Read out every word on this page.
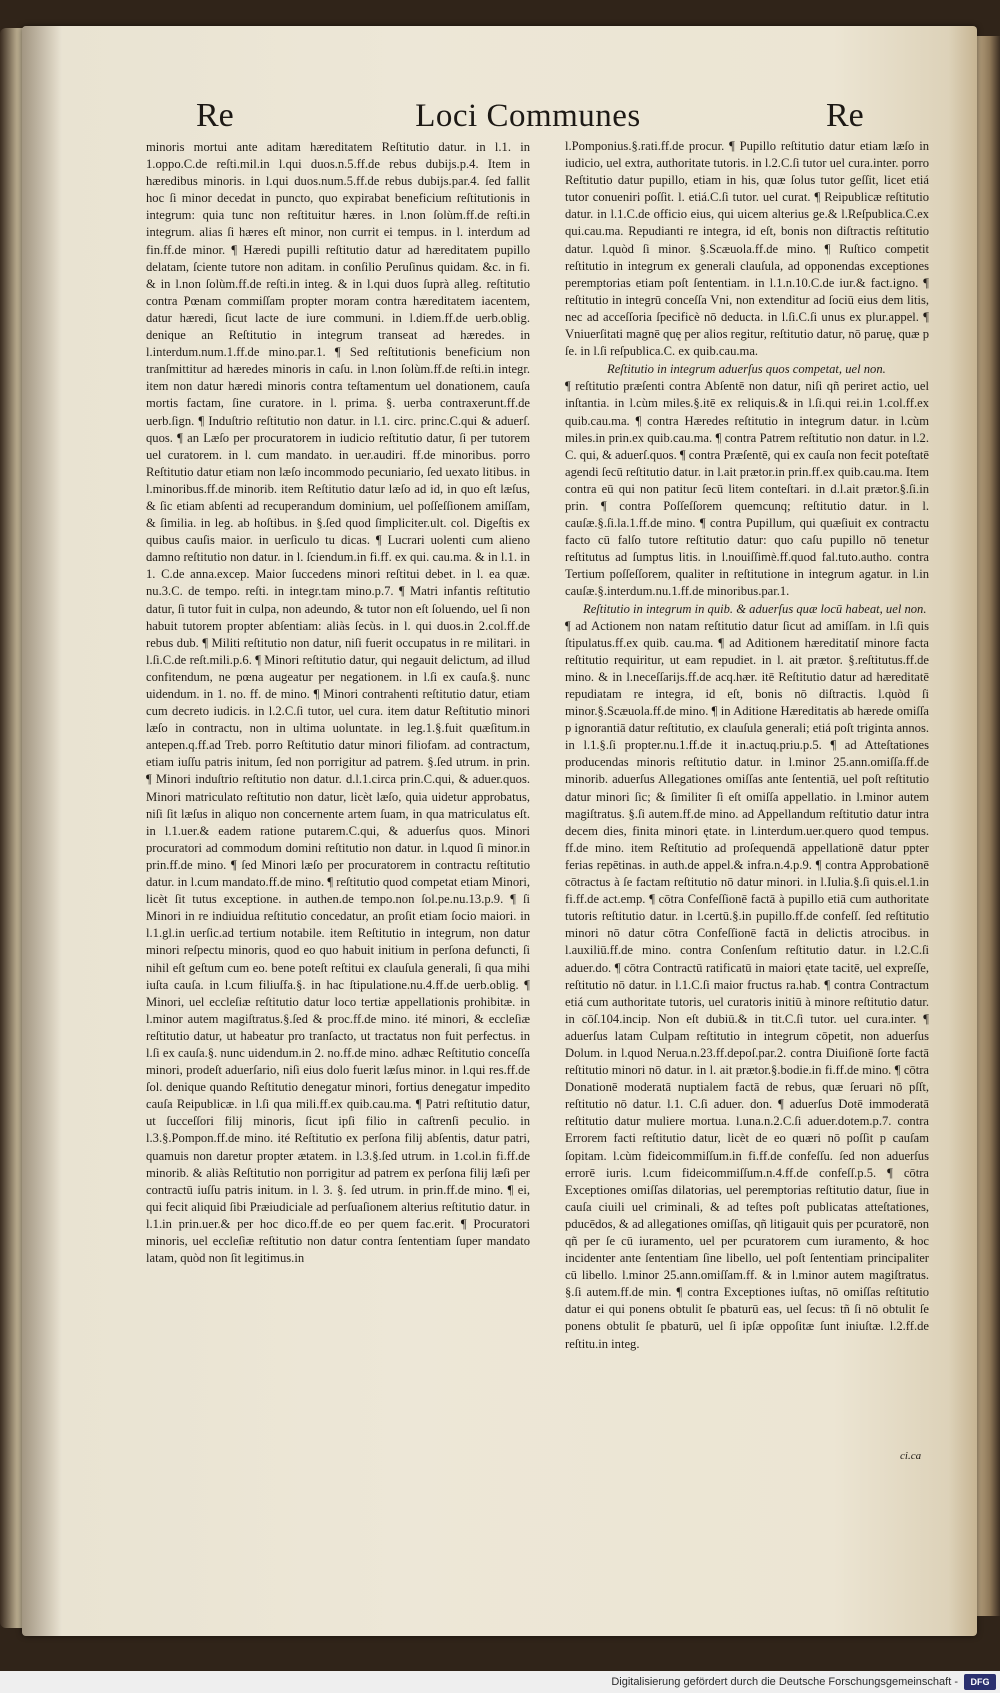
Re	Loci Communes	Re

minoris mortui ante aditam hæreditatem Reſtitutio datur. in l.1. in 1.oppo.C.de reſti.mil.in l.qui duos.n.5.ff.de rebus dubijs.p.4. Item in hæredibus minoris. in l.qui duos.num.5.ff.de rebus dubijs.par.4. ſed fallit hoc ſi minor decedat in puncto, quo expirabat beneficium reſtitutionis in integrum: quia tunc non reſtituitur hæres. in l.non ſolùm.ff.de reſti.in integrum. alias ſi hæres eſt minor, non currit ei tempus. in l. interdum ad fin.ff.de minor. ¶ Hæredi pupilli reſtitutio datur ad hæreditatem pupillo delatam, ſciente tutore non aditam. in conſilio Peruſinus quidam. &c. in fi. & in l.non ſolùm.ff.de reſti.in integ. & in l.qui duos ſuprà alleg. reſtitutio contra Pœnam commiſſam propter moram contra hæreditatem iacentem, datur hæredi, ſicut lacte de iure communi. in l.diem.ff.de uerb.oblig. denique an Reſtitutio in integrum transeat ad hæredes. in l.interdum.num.1.ff.de mino.par.1. ¶ Sed reſtitutionis beneficium non tranſmittitur ad hæredes minoris in caſu. in l.non ſolùm.ff.de reſti.in integr. item non datur hæredi minoris contra teſtamentum uel donationem, cauſa mortis factam, ſine curatore. in l. prima. §. uerba contraxerunt.ff.de uerb.ſign. ¶ Induſtrio reſtitutio non datur. in l.1. circ. princ.C.qui & aduerſ. quos. ¶ an Læſo per procuratorem in iudicio reſtitutio datur, ſi per tutorem uel curatorem. in l. cum mandato. in uer.audiri. ff.de minoribus. porro Reſtitutio datur etiam non læſo incommodo pecuniario, ſed uexato litibus. in l.minoribus.ff.de minorib. item Reſtitutio datur læſo ad id, in quo eſt læſus, & ſic etiam abſenti ad recuperandum dominium, uel poſſeſſionem amiſſam, & ſimilia. in leg. ab hoſtibus. in §.ſed quod ſimpliciter.ult. col. Digeſtis ex quibus cauſis maior. in uerſiculo tu dicas. ¶ Lucrari uolenti cum alieno damno reſtitutio non datur. in l. ſciendum.in fi.ff. ex qui. cau.ma. & in l.1. in 1. C.de anna.excep. Maior ſuccedens minori reſtitui debet. in l. ea quæ. nu.3.C. de tempo. reſti. in integr.tam mino.p.7. ¶ Matri infantis reſtitutio datur, ſi tutor fuit in culpa, non adeundo, & tutor non eſt ſoluendo, uel ſi non habuit tutorem propter abſentiam: aliàs ſecùs. in l. qui duos.in 2.col.ff.de rebus dub. ¶ Militi reſtitutio non datur, niſi fuerit occupatus in re militari. in l.ſi.C.de reſt.mili.p.6. ¶ Minori reſtitutio datur, qui negauit delictum, ad illud confitendum, ne pœna augeatur per negationem. in l.ſi ex cauſa.§. nunc uidendum. in 1. no. ff. de mino. ¶ Minori contrahenti reſtitutio datur, etiam cum decreto iudicis. in l.2.C.ſi tutor, uel cura. item datur Reſtitutio minori læſo in contractu, non in ultima uoluntate. in leg.1.§.fuit quæſitum.in antepen.q.ff.ad Treb. porro Reſtitutio datur minori filiofam. ad contractum, etiam iuſſu patris initum, ſed non porrigitur ad patrem. §.ſed utrum. in prin. ¶ Minori induſtrio reſtitutio non datur. d.l.1.circa prin.C.qui, & aduer.quos. Minori matriculato reſtitutio non datur, licèt læſo, quia uidetur approbatus, niſi ſit læſus in aliquo non concernente artem ſuam, in qua matriculatus eſt. in l.1.uer.& eadem ratione putarem.C.qui, & aduerſus quos. Minori procuratori ad commodum domini reſtitutio non datur. in l.quod ſi minor.in prin.ff.de mino. ¶ ſed Minori læſo per procuratorem in contractu reſtitutio datur. in l.cum mandato.ff.de mino. ¶ reſtitutio quod competat etiam Minori, licèt ſit tutus exceptione. in authen.de tempo.non ſol.pe.nu.13.p.9. ¶ ſi Minori in re indiuidua reſtitutio concedatur, an proſit etiam ſocio maiori. in l.1.gl.in uerſic.ad tertium notabile. item Reſtitutio in integrum, non datur minori reſpectu minoris, quod eo quo habuit initium in perſona defuncti, ſi nihil eſt geſtum cum eo. bene poteſt reſtitui ex clauſula generali, ſi qua mihi iuſta cauſa. in l.cum filiuſfa.§. in hac ſtipulatione.nu.4.ff.de uerb.oblig. ¶ Minori, uel eccleſiæ reſtitutio datur loco tertiæ appellationis prohibitæ. in l.minor autem magiſtratus.§.ſed & proc.ff.de mino. ité minori, & eccleſiæ reſtitutio datur, ut habeatur pro tranſacto, ut tractatus non fuit perfectus. in l.ſi ex cauſa.§. nunc uidendum.in 2. no.ff.de mino. adhæc Reſtitutio conceſſa minori, prodeſt aduerſario, niſi eius dolo fuerit læſus minor. in l.qui res.ff.de ſol. denique quando Reſtitutio denegatur minori, fortius denegatur impedito cauſa Reipublicæ. in l.ſi qua mili.ff.ex quib.cau.ma. ¶ Patri reſtitutio datur, ut ſucceſſori filij minoris, ſicut ipſi filio in caſtrenſi peculio. in l.3.§.Pompon.ff.de mino. ité Reſtitutio ex perſona filij abſentis, datur patri, quamuis non daretur propter ætatem. in l.3.§.ſed utrum. in 1.col.in fi.ff.de minorib. & aliàs Reſtitutio non porrigitur ad patrem ex perſona filij læſi per contractū iuſſu patris initum. in l. 3. §. ſed utrum. in prin.ff.de mino. ¶ ei, qui fecit aliquid ſibi Præiudiciale ad perſuaſionem alterius reſtitutio datur. in l.1.in prin.uer.& per hoc dico.ff.de eo per quem fac.erit. ¶ Procuratori minoris, uel eccleſiæ reſtitutio non datur contra ſententiam ſuper mandato latam, quòd non ſit legitimus.in

l.Pomponius.§.rati.ff.de procur. ¶ Pupillo reſtitutio datur etiam læſo in iudicio, uel extra, authoritate tutoris. in l.2.C.ſi tutor uel cura.inter. porro Reſtitutio datur pupillo, etiam in his, quæ ſolus tutor geſſit, licet etiá tutor conueniri poſſit. l. etiá.C.ſi tutor. uel curat. ¶ Reipublicæ reſtitutio datur. in l.1.C.de officio eius, qui uicem alterius ge.& l.Reſpublica.C.ex qui.cau.ma. Repudianti re integra, id eſt, bonis non diſtractis reſtitutio datur. l.quòd ſi minor. §.Scæuola.ff.de mino. ¶ Ruſtico competit reſtitutio in integrum ex generali clauſula, ad opponendas exceptiones peremptorias etiam poſt ſententiam. in l.1.n.10.C.de iur.& fact.igno. ¶ reſtitutio in integrū conceſſa Vni, non extenditur ad ſociū eius dem litis, nec ad acceſſoria ſpecificè nō deducta. in l.ſi.C.ſi unus ex plur.appel. ¶ Vniuerſitati magnē quę per alios regitur, reſtitutio datur, nō paruę, quæ p ſe. in l.ſi reſpublica.C. ex quib.cau.ma.

Reſtitutio in integrum aduerſus quos competat, uel non.

¶ reſtitutio præſenti contra Abſentē non datur, niſi qñ periret actio, uel inſtantia. in l.cùm miles.§.itē ex reliquis.& in l.ſi.qui rei.in 1.col.ff.ex quib.cau.ma. ¶ contra Hæredes reſtitutio in integrum datur. in l.cùm miles.in prin.ex quib.cau.ma. ¶ contra Patrem reſtitutio non datur. in l.2. C. qui, & aduerſ.quos. ¶ contra Præſentē, qui ex cauſa non fecit poteſtatē agendi ſecū reſtitutio datur. in l.ait prætor.in prin.ff.ex quib.cau.ma. Item contra eū qui non patitur ſecū litem conteſtari. in d.l.ait prætor.§.ſi.in prin. ¶ contra Poſſeſſorem quemcunq; reſtitutio datur. in l. cauſæ.§.ſi.la.1.ff.de mino. ¶ contra Pupillum, qui quæſiuit ex contractu facto cū falſo tutore reſtitutio datur: quo caſu pupillo nō tenetur reſtitutus ad ſumptus litis. in l.nouiſſimè.ff.quod fal.tuto.autho. contra Tertium poſſeſſorem, qualiter in reſtitutione in integrum agatur. in l.in cauſæ.§.interdum.nu.1.ff.de minoribus.par.1.

Reſtitutio in integrum in quib. & aduerſus quæ locū habeat, uel non.

¶ ad Actionem non natam reſtitutio datur ſicut ad amiſſam. in l.ſi quis ſtipulatus.ff.ex quib. cau.ma. ¶ ad Aditionem hæreditatiſ minore facta reſtitutio requiritur, ut eam repudiet. in l. ait prætor. §.reſtitutus.ff.de mino. & in l.neceſſarijs.ff.de acq.hær. itē Reſtitutio datur ad hæreditatē repudiatam re integra, id eſt, bonis nō diſtractis. l.quòd ſi minor.§.Scæuola.ff.de mino. ¶ in Aditione Hæreditatis ab hærede omiſſa p ignorantiā datur reſtitutio, ex clauſula generali; etiá poſt triginta annos. in l.1.§.ſi propter.nu.1.ff.de it in.actuq.priu.p.5. ¶ ad Atteſtationes producendas minoris reſtitutio datur. in l.minor 25.ann.omiſſa.ff.de minorib. aduerſus Allegationes omiſſas ante ſententiā, uel poſt reſtitutio datur minori ſic; & ſimiliter ſi eſt omiſſa appellatio. in l.minor autem magiſtratus. §.ſi autem.ff.de mino. ad Appellandum reſtitutio datur intra decem dies, finita minori ętate. in l.interdum.uer.quero quod tempus. ff.de mino. item Reſtitutio ad proſequendā appellationē datur ppter ferias repētinas. in auth.de appel.& infra.n.4.p.9. ¶ contra Approbationē cōtractus à ſe factam reſtitutio nō datur minori. in l.Iulia.§.ſi quis.el.1.in fi.ff.de act.emp. ¶ cōtra Confeſſionē factā à pupillo etiā cum authoritate tutoris reſtitutio datur. in l.certū.§.in pupillo.ff.de confeſſ. ſed reſtitutio minori nō datur cōtra Confeſſionē factā in delictis atrocibus. in l.auxiliū.ff.de mino. contra Conſenſum reſtitutio datur. in l.2.C.ſi aduer.do. ¶ cōtra Contractū ratificatū in maiori ętate tacitē, uel expreſſe, reſtitutio nō datur. in l.1.C.ſi maior fructus ra.hab. ¶ contra Contractum etiá cum authoritate tutoris, uel curatoris initiū à minore reſtitutio datur. in cōſ.104.incip. Non eſt dubiū.& in tit.C.ſi tutor. uel cura.inter. ¶ aduerſus latam Culpam reſtitutio in integrum cōpetit, non aduerſus Dolum. in l.quod Nerua.n.23.ff.depoſ.par.2. contra Diuiſionē ſorte factā reſtitutio minori nō datur. in l. ait prætor.§.bodie.in fi.ff.de mino. ¶ cōtra Donationē moderatā nuptialem factā de rebus, quæ ſeruari nō pſſt, reſtitutio nō datur. l.1. C.ſi aduer. don. ¶ aduerſus Dotē immoderatā reſtitutio datur muliere mortua. l.una.n.2.C.ſi aduer.dotem.p.7. contra Errorem facti reſtitutio datur, licèt de eo quæri nō poſſit p cauſam ſopitam. l.cùm fideicommiſſum.in fi.ff.de confeſſu. ſed non aduerſus errorē iuris. l.cum fideicommiſſum.n.4.ff.de confeſſ.p.5. ¶ cōtra Exceptiones omiſſas dilatorias, uel peremptorias reſtitutio datur, ſiue in cauſa ciuili uel criminali, & ad teſtes poſt publicatas atteſtationes, pducēdos, & ad allegationes omiſſas, qñ litigauit quis per pcuratorē, non qñ per ſe cū iuramento, uel per pcuratorem cum iuramento, & hoc incidenter ante ſententiam ſine libello, uel poſt ſententiam principaliter cū libello. l.minor 25.ann.omiſſam.ff. & in l.minor autem magiſtratus. §.ſi autem.ff.de min. ¶ contra Exceptiones iuſtas, nō omiſſas reſtitutio datur ei qui ponens obtulit ſe pbaturū eas, uel ſecus: tñ ſi nō obtulit ſe ponens obtulit ſe pbaturū, uel ſi ipſæ oppoſitæ ſunt iniuſtæ. l.2.ff.de reſtitu.in integ.

ci.ca
Digitalisierung gefördert durch die Deutsche Forschungsgemeinschaft -	DFG
